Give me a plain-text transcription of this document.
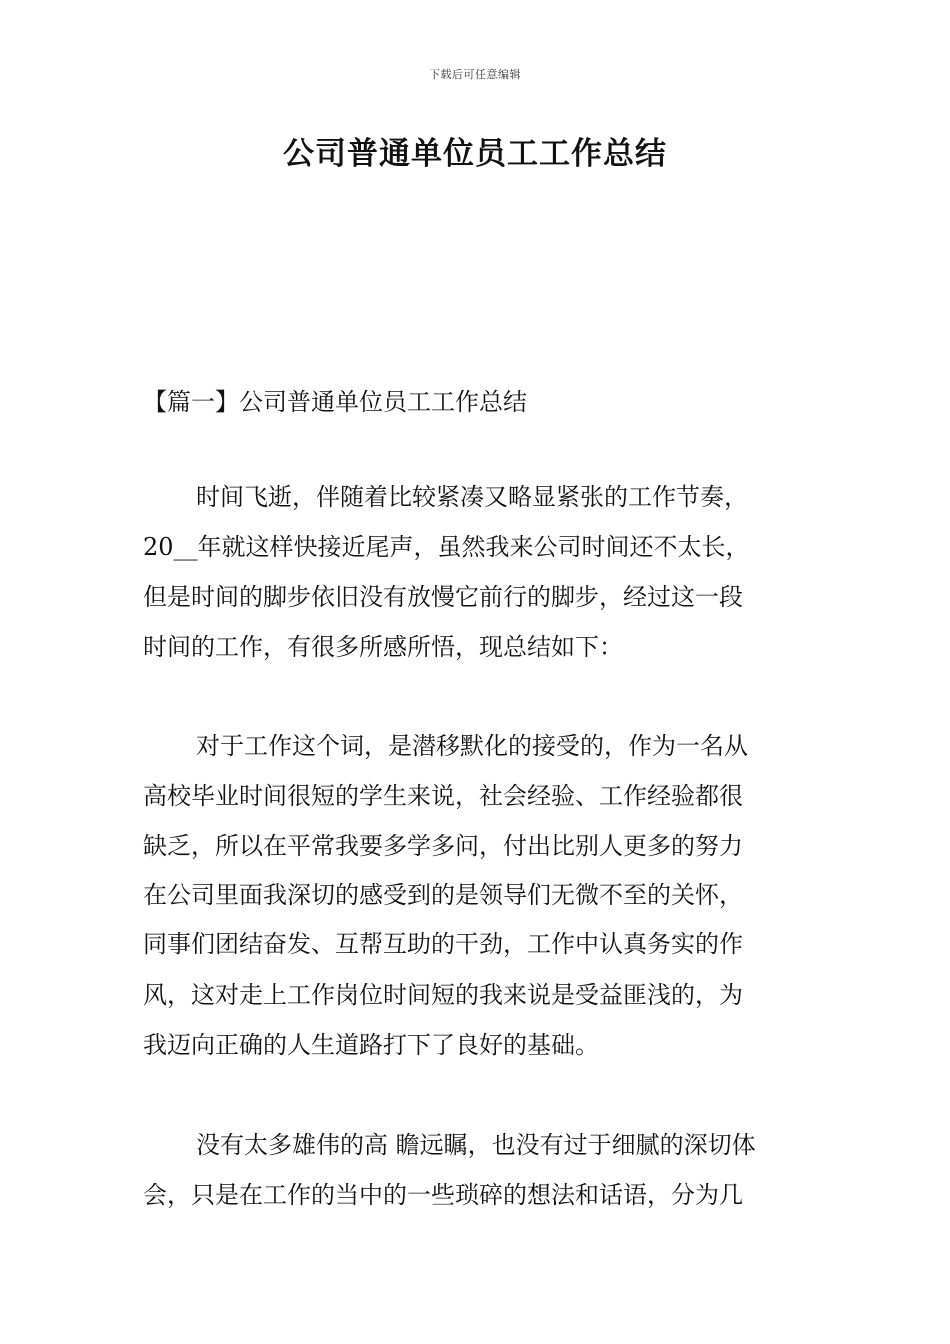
下载后可任意编辑
公司普通单位员工工作总结
【篇一】公司普通单位员工工作总结
时间飞逝，伴随着比较紧凑又略显紧张的工作节奏，
20__年就这样快接近尾声，虽然我来公司时间还不太长，
但是时间的脚步依旧没有放慢它前行的脚步，经过这一段
时间的工作，有很多所感所悟，现总结如下：
对于工作这个词，是潜移默化的接受的，作为一名从
高校毕业时间很短的学生来说，社会经验、工作经验都很
缺乏，所以在平常我要多学多问，付出比别人更多的努力
在公司里面我深切的感受到的是领导们无微不至的关怀，
同事们团结奋发、互帮互助的干劲，工作中认真务实的作
风，这对走上工作岗位时间短的我来说是受益匪浅的，为
我迈向正确的人生道路打下了良好的基础。
没有太多雄伟的高 瞻远瞩，也没有过于细腻的深切体
会，只是在工作的当中的一些琐碎的想法和话语，分为几
